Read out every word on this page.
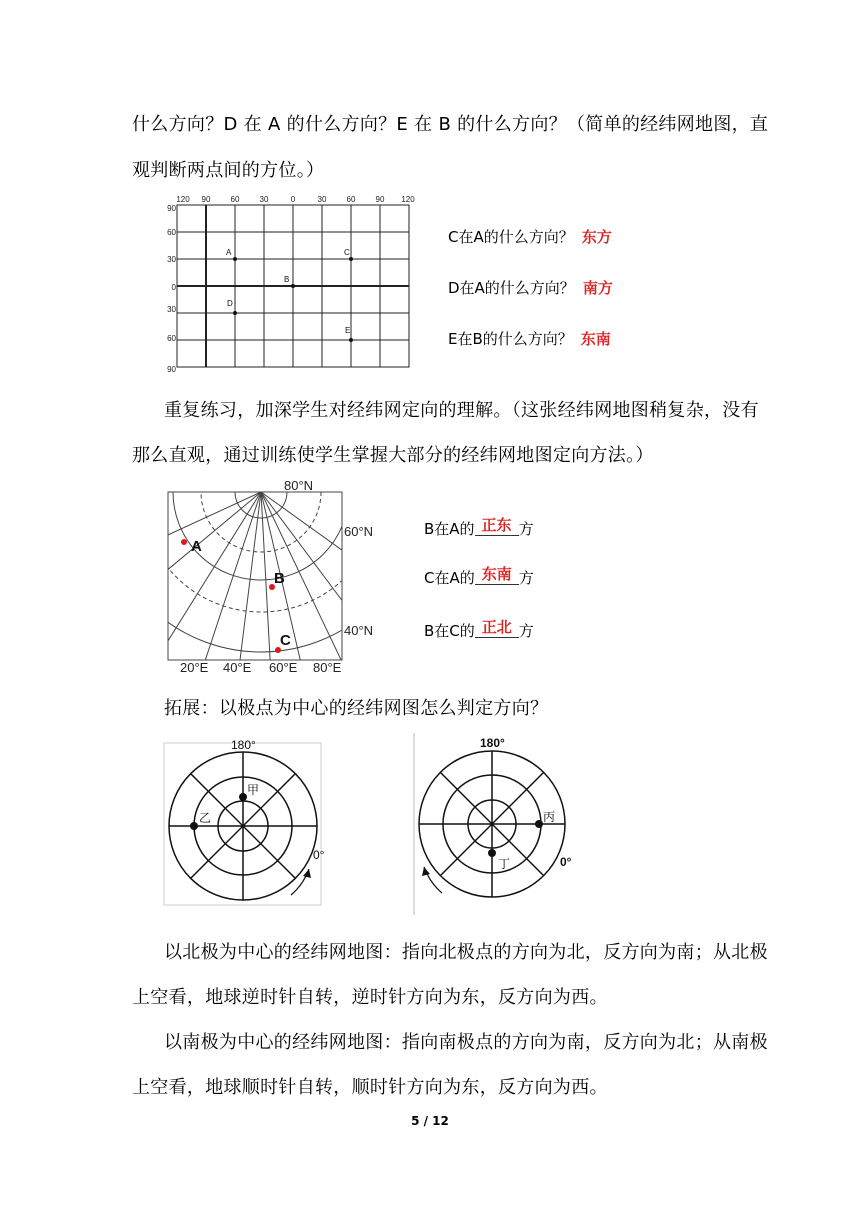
什么方向？D 在 A 的什么方向？E 在 B 的什么方向？（简单的经纬网地图，直
观判断两点间的方位。）
120 90	60	30	0	30	60	90 120
90
60
30
0
30
60
90
A
B
C
D
E
C在A的什么方向？ 东方
D在A的什么方向？ 南方
E在B的什么方向？ 东南
重复练习，加深学生对经纬网定向的理解。（这张经纬网地图稍复杂，没有
那么直观，通过训练使学生掌握大部分的经纬网地图定向方法。）
80°N
60°N
40°N
20°E 40°E 60°E 80°E
A
B
C
B在A的 正东 方
C在A的 东南 方
B在C的 正北 方
拓展：以极点为中心的经纬网图怎么判定方向？
180°
0°
甲
乙
180°
0°
丙
丁
以北极为中心的经纬网地图：指向北极点的方向为北，反方向为南；从北极
上空看，地球逆时针自转，逆时针方向为东，反方向为西。
以南极为中心的经纬网地图：指向南极点的方向为南，反方向为北；从南极
上空看，地球顺时针自转，顺时针方向为东，反方向为西。
5 / 12
